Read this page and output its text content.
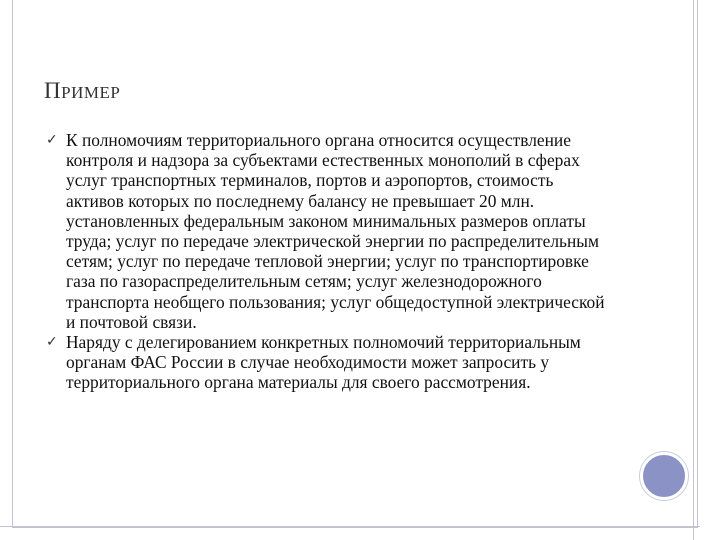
ПРИМЕР
✓ К полномочиям территориального органа относится осуществление контроля и надзора за субъектами естественных монополий в сферах услуг транспортных терминалов, портов и аэропортов, стоимость активов которых по последнему балансу не превышает 20 млн. установленных федеральным законом минимальных размеров оплаты труда; услуг по передаче электрической энергии по распределительным сетям; услуг по передаче тепловой энергии; услуг по транспортировке газа по газораспределительным сетям; услуг железнодорожного транспорта необщего пользования; услуг общедоступной электрической и почтовой связи.
✓ Наряду с делегированием конкретных полномочий территориальным органам ФАС России в случае необходимости может запросить у территориального органа материалы для своего рассмотрения.
